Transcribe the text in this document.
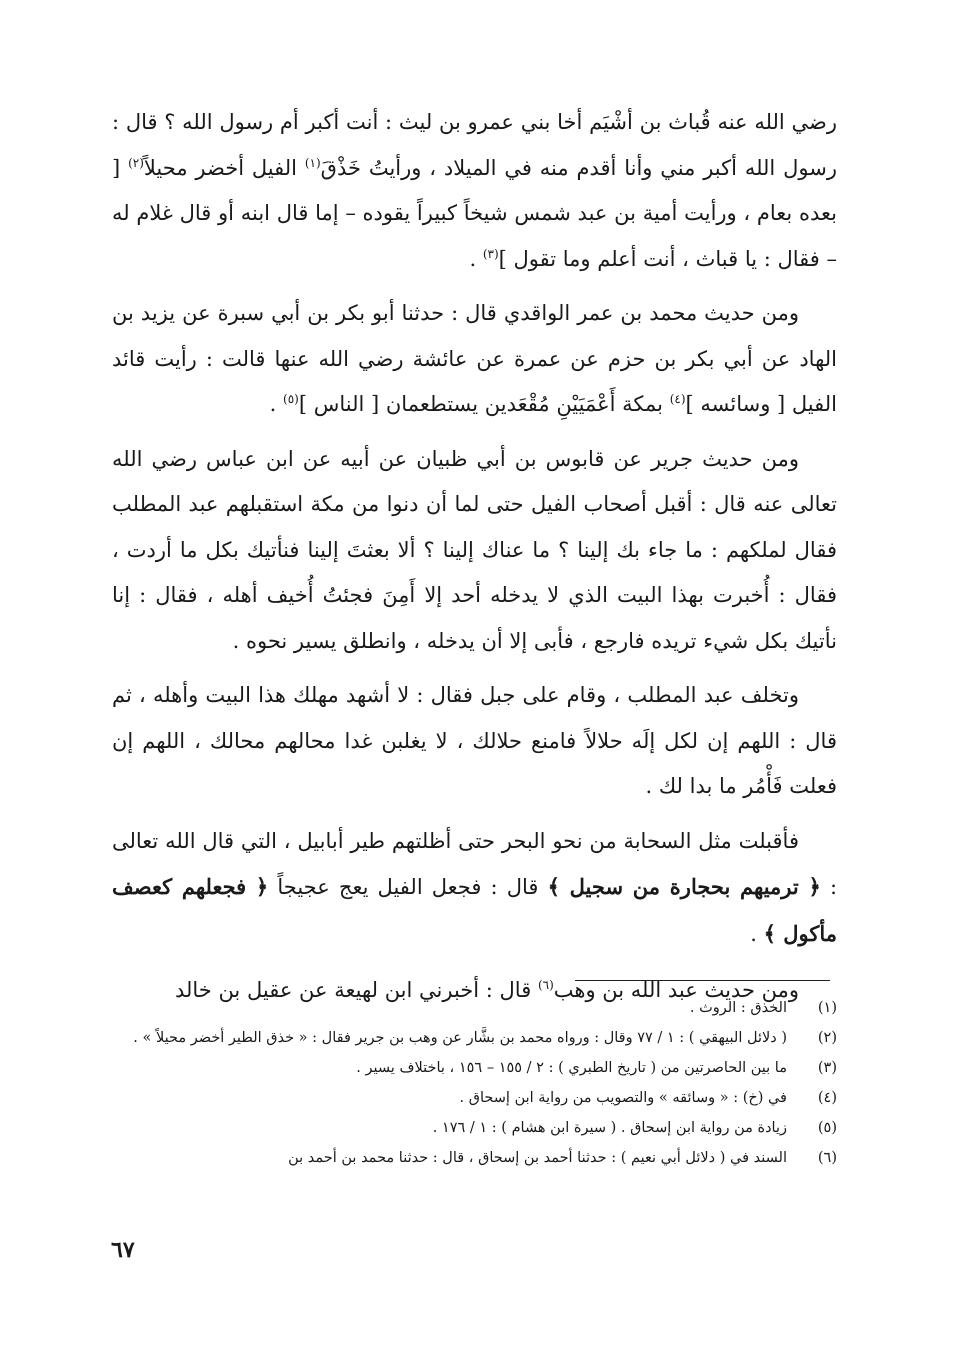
رضي الله عنه قُباث بن أشْيَم أخا بني عمرو بن ليث : أنت أكبر أم رسول الله ؟ قال : رسول الله أكبر مني وأنا أقدم منه في الميلاد ، ورأيتُ خَذْقَ$^{(١)}$ الفيل أخضر محيلاً$^{(٢)}$ [ بعده بعام ، ورأيت أمية بن عبد شمس شيخاً كبيراً يقوده – إما قال ابنه أو قال غلام له – فقال : يا قباث ، أنت أعلم وما تقول ]$^{(٣)}$ .

ومن حديث محمد بن عمر الواقدي قال : حدثنا أبو بكر بن أبي سبرة عن يزيد بن الهاد عن أبي بكر بن حزم عن عمرة عن عائشة رضي الله عنها قالت : رأيت قائد الفيل [ وسائسه ]$^{(٤)}$ بمكة أَعْمَيَيْنِ مُقْعَدين يستطعمان [ الناس ]$^{(٥)}$ .

ومن حديث جرير عن قابوس بن أبي ظبيان عن أبيه عن ابن عباس رضي الله تعالى عنه قال : أقبل أصحاب الفيل حتى لما أن دنوا من مكة استقبلهم عبد المطلب فقال لملكهم : ما جاء بك إلينا ؟ ما عناك إلينا ؟ ألا بعثتَ إلينا فنأتيك بكل ما أردت ، فقال : أُخبرت بهذا البيت الذي لا يدخله أحد إلا أَمِنَ فجئتُ أُخيف أهله ، فقال : إنا نأتيك بكل شيء تريده فارجع ، فأبى إلا أن يدخله ، وانطلق يسير نحوه .

وتخلف عبد المطلب ، وقام على جبل فقال : لا أشهد مهلك هذا البيت وأهله ، ثم قال : اللهم إن لكل إلَه حلالاً فامنع حلالك ، لا يغلبن غدا محالهم محالك ، اللهم إن فعلت فَأْمُر ما بدا لك .

فأقبلت مثل السحابة من نحو البحر حتى أظلتهم طير أبابيل ، التي قال الله تعالى : ﴿ ترميهم بحجارة من سجيل ﴾ قال : فجعل الفيل يعج عجيجاً ﴿ فجعلهم كعصف مأكول ﴾ .

ومن حديث عبد الله بن وهب$^{(٦)}$ قال : أخبرني ابن لهيعة عن عقيل بن خالد

(١)
الخذق : الروث .
(٢)
( دلائل البيهقي ) : ١ / ٧٧ وقال : ورواه محمد بن بشَّار عن وهب بن جرير فقال : « خذق الطير أخضر محيلاً » .
(٣)
ما بين الحاصرتين من ( تاريخ الطبري ) : ٢ / ١٥٥ – ١٥٦ ، باختلاف يسير .
(٤)
في (خ) : « وسائقه » والتصويب من رواية ابن إسحاق .
(٥)
زيادة من رواية ابن إسحاق . ( سيرة ابن هشام ) : ١ / ١٧٦ .
(٦)
السند في ( دلائل أبي نعيم ) : حدثنا أحمد بن إسحاق ، قال : حدثنا محمد بن أحمد بن
٦٧
